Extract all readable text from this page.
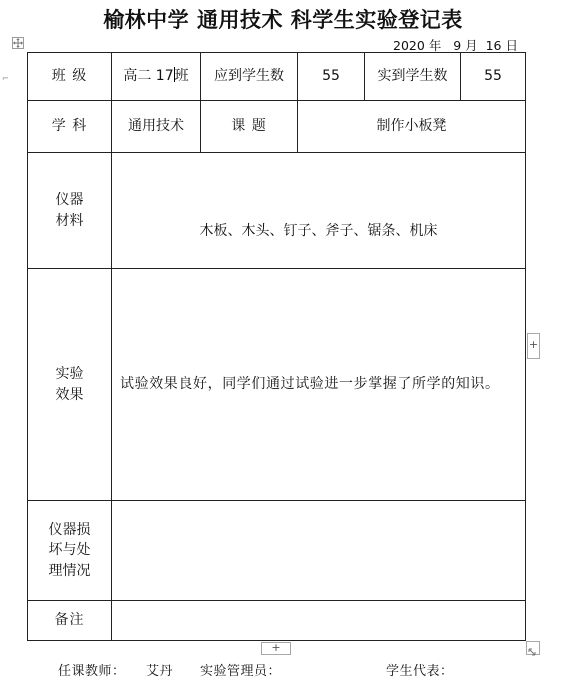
⌐
榆林中学 通用技术 科学生实验登记表
2020 年   9 月  16 日
班 级	高二 17班	应到学生数	55	实到学生数	55
学 科	通用技术	课 题	制作小板凳		

仪器
材料	木板、木头、钉子、斧子、锯条、机床				

实验
效果	试验效果良好，同学们通过试验进一步掌握了所学的知识。				

仪器损
坏与处
理情况					

备注					
+
+
任课教师： 艾丹 实验管理员：	学生代表：
